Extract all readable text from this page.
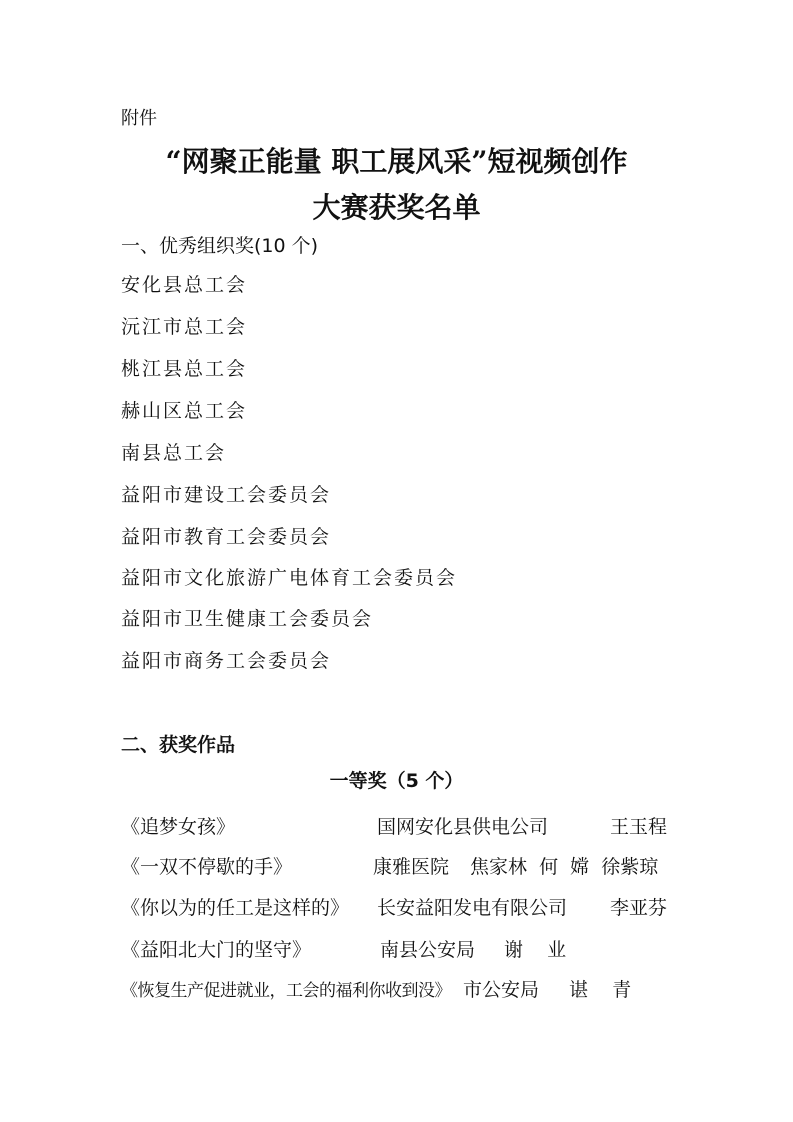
附件
“网聚正能量 职工展风采”短视频创作
大赛获奖名单
一、优秀组织奖(10 个)
安化县总工会
沅江市总工会
桃江县总工会
赫山区总工会
南县总工会
益阳市建设工会委员会
益阳市教育工会委员会
益阳市文化旅游广电体育工会委员会
益阳市卫生健康工会委员会
益阳市商务工会委员会
二、获奖作品
一等奖（5 个）
《追梦女孩》	国网安化县供电公司	王玉程
《一双不停歇的手》	康雅医院 焦家林  何  嫦  徐紫琼
《你以为的任工是这样的》 长安益阳发电有限公司 李亚芬
《益阳北大门的坚守》	南县公安局 谢    业
《恢复生产促进就业，工会的福利你收到没》 市公安局 谌    青
